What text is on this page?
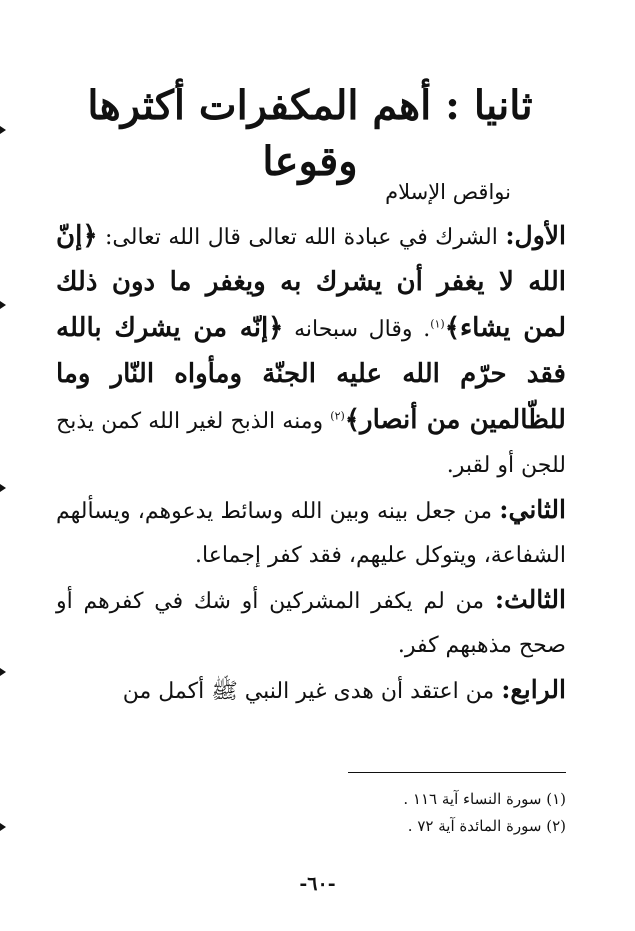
ثانيا : أهم المكفرات أكثرها وقوعا
نواقص الإسلام

الأول: الشرك في عبادة الله تعالى قال الله تعالى: ﴿إنّ الله لا يغفر أن يشرك به ويغفر ما دون ذلك لمن يشاء﴾$^{(١)}$. وقال سبحانه ﴿إنّه من يشرك بالله فقد حرّم الله عليه الجنّة ومأواه النّار وما للظّالمين من أنصار﴾$^{(٢)}$ ومنه الذبح لغير الله كمن يذبح للجن أو لقبر.

الثاني: من جعل بينه وبين الله وسائط يدعوهم، ويسألهم الشفاعة، ويتوكل عليهم، فقد كفر إجماعا.

الثالث: من لم يكفر المشركين أو شك في كفرهم أو صحح مذهبهم كفر.

الرابع: من اعتقد أن هدى غير النبي ﷺ أكمل من

(١) سورة النساء آية ١١٦ .
(٢) سورة المائدة آية ٧٢ .
-٦٠-
